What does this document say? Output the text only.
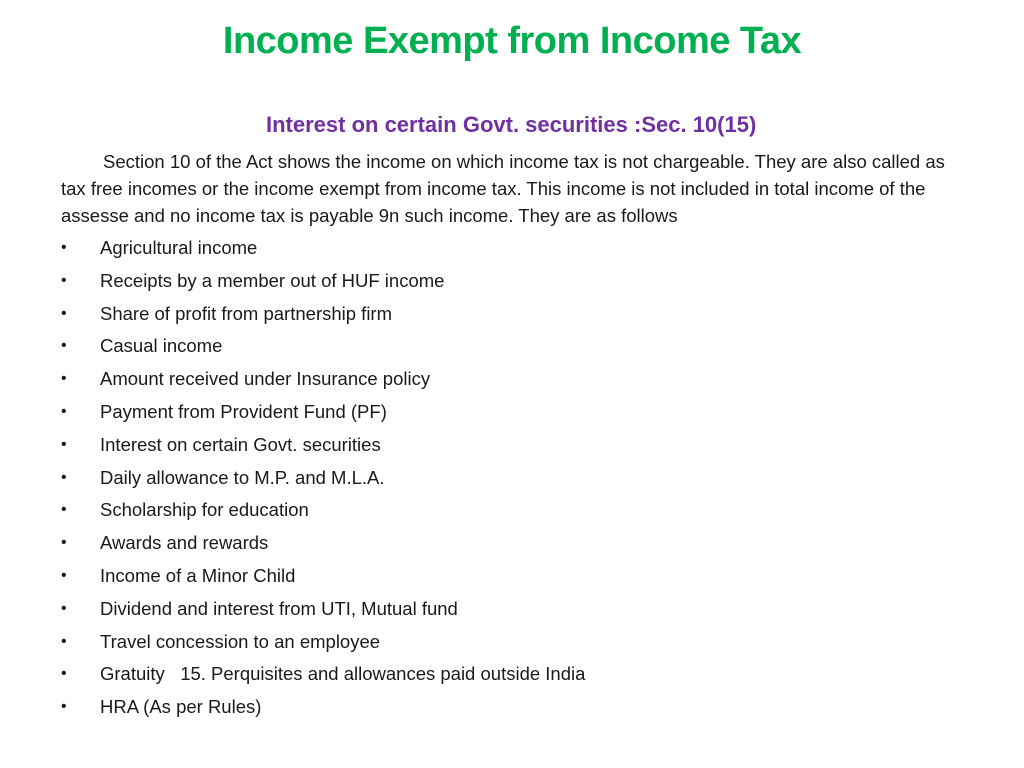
Income Exempt from Income Tax
Interest on certain Govt. securities :Sec. 10(15)

Section 10 of the Act shows the income on which income tax is not chargeable. They are also called as tax free incomes or the income exempt from income tax. This income is not included in total income of the assesse and no income tax is payable 9n such income. They are as follows

•	Agricultural income
•	Receipts by a member out of HUF income
•	Share of profit from partnership firm
•	Casual income
•	Amount received under Insurance policy
•	Payment from Provident Fund (PF)
•	Interest on certain Govt. securities
•	Daily allowance to M.P. and M.L.A.
•	Scholarship for education
•	Awards and rewards
•	Income of a Minor Child
•	Dividend and interest from UTI, Mutual fund
•	Travel concession to an employee
•	Gratuity   15. Perquisites and allowances paid outside India
•	HRA (As per Rules)
